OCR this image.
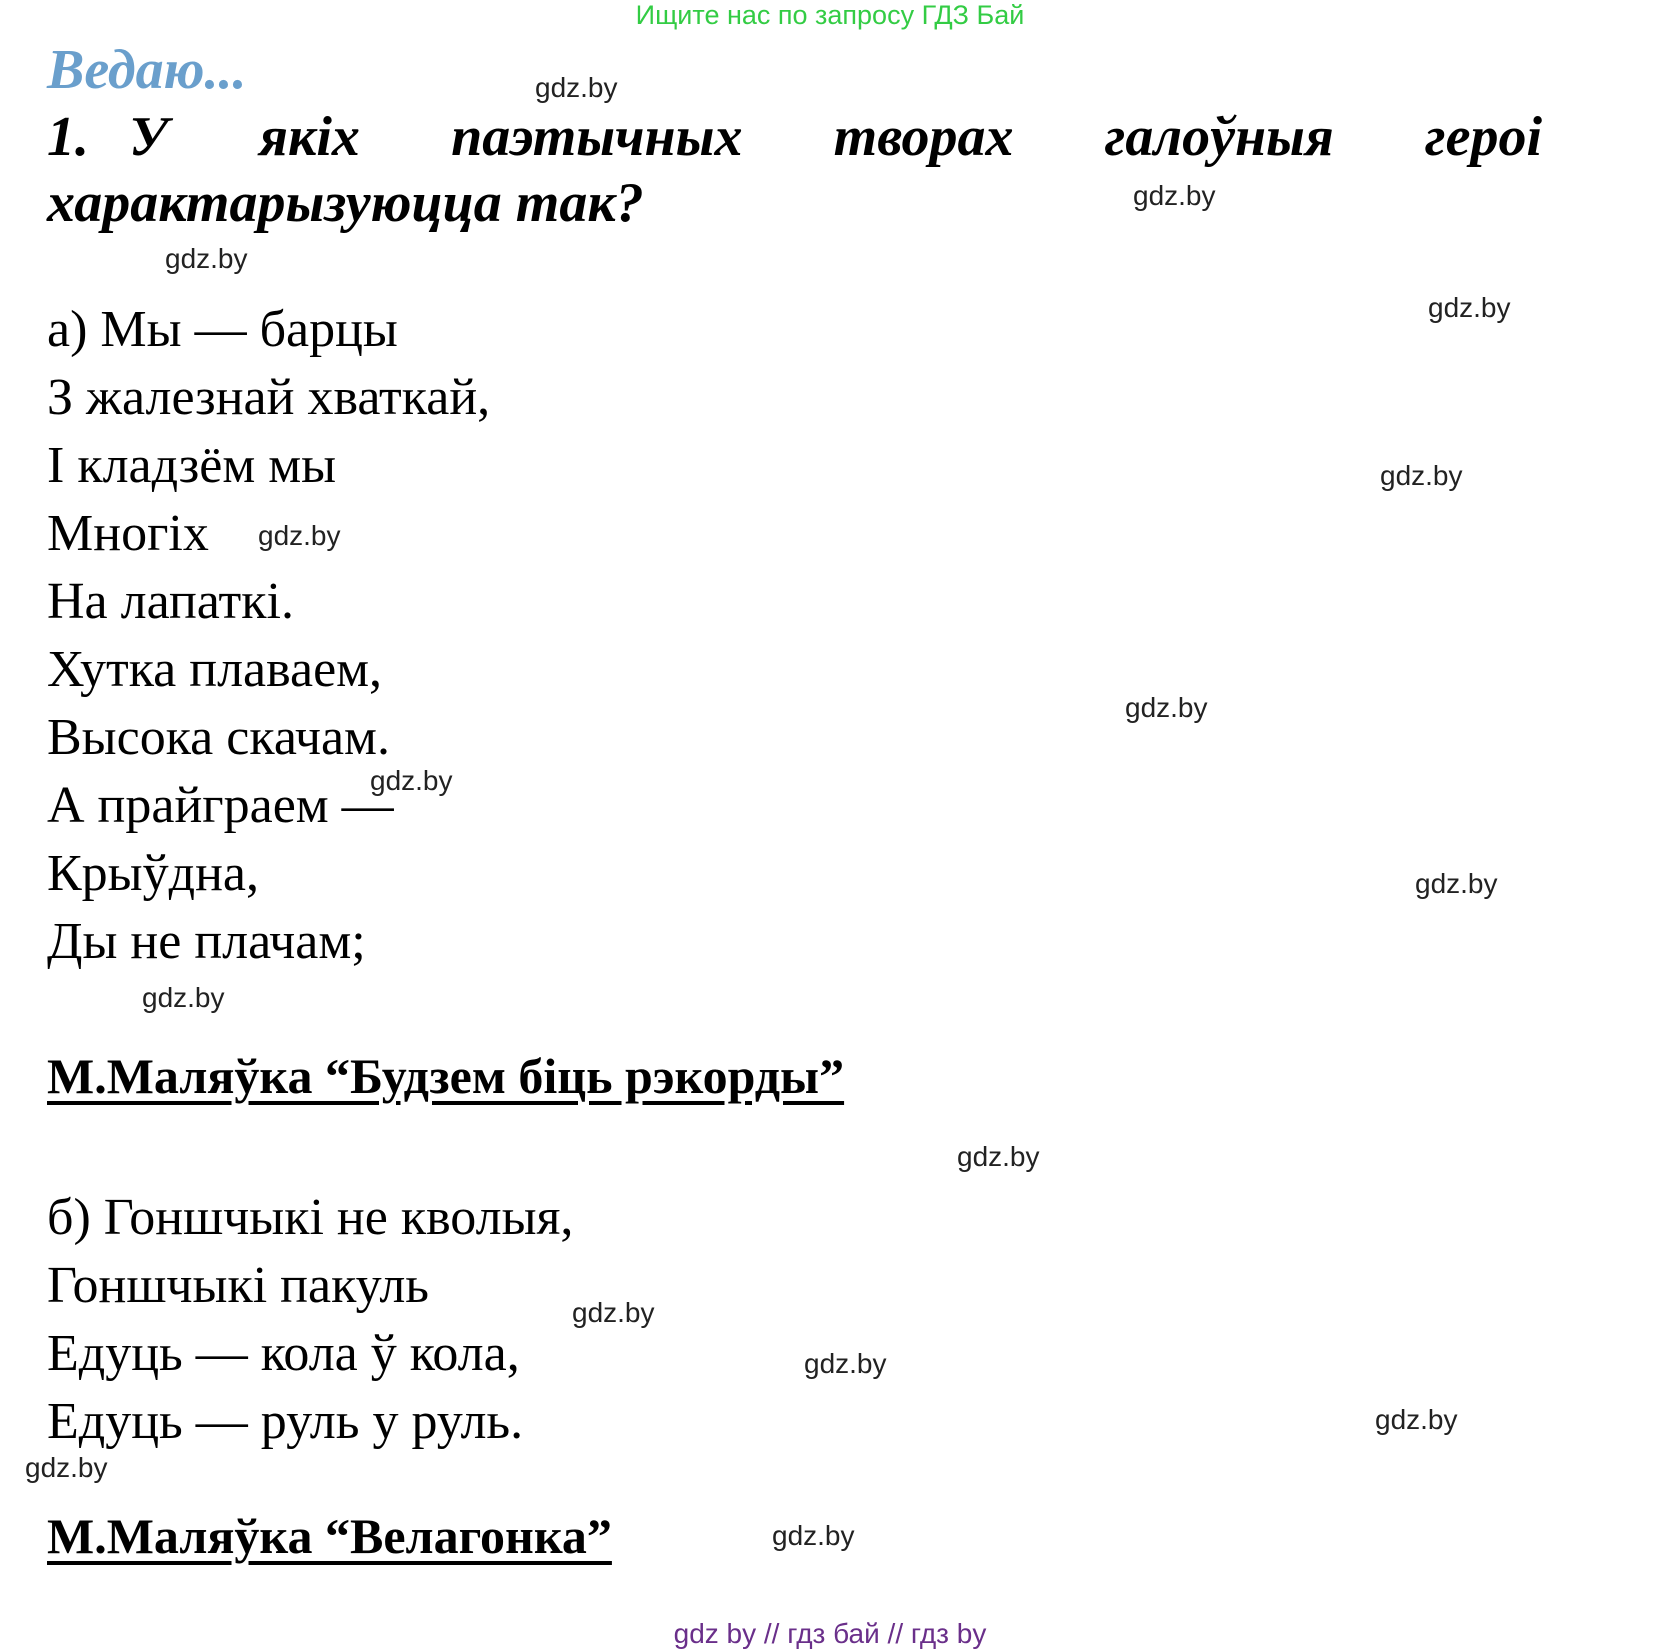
Ищите нас по запросу ГДЗ Бай
Ведаю...
1. У якіх паэтычных творах галоўныя героі характарызуюцца так?
а) Мы — барцы
З жалезнай хваткай,
І кладзём мы
Многіх
На лапаткі.
Хутка плаваем,
Высока скачам.
А прайграем —
Крыўдна,
Ды не плачам;
М.Маляўка “Будзем біць рэкорды”
б) Гоншчыкі не кволыя,
Гоншчыкі пакуль
Едуць — кола ў кола,
Едуць — руль у руль.
М.Маляўка “Велагонка”
gdz.by
gdz.by
gdz.by
gdz.by
gdz.by
gdz.by
gdz.by
gdz.by
gdz.by
gdz.by
gdz.by
gdz.by
gdz.by
gdz.by
gdz.by
gdz.by
gdz by // гдз бай // гдз by
